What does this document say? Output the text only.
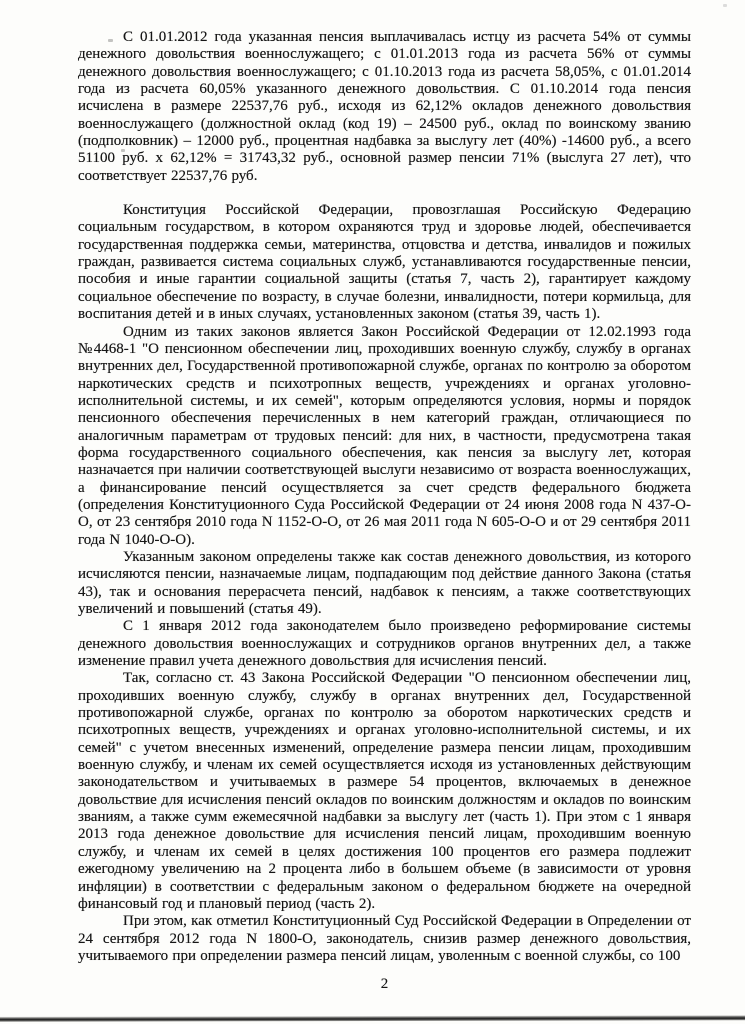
С 01.01.2012 года указанная пенсия выплачивалась истцу из расчета 54% от суммы денежного довольствия военнослужащего; с 01.01.2013 года из расчета 56% от суммы денежного довольствия военнослужащего; с 01.10.2013 года из расчета 58,05%, с 01.01.2014 года из расчета 60,05% указанного денежного довольствия. С 01.10.2014 года пенсия исчислена в размере 22537,76 руб., исходя из 62,12% окладов денежного довольствия военнослужащего (должностной оклад (код 19) – 24500 руб., оклад по воинскому званию (подполковник) – 12000 руб., процентная надбавка за выслугу лет (40%) -14600 руб., а всего 51100 руб. х 62,12% = 31743,32 руб., основной размер пенсии 71% (выслуга 27 лет), что соответствует 22537,76 руб.

Конституция Российской Федерации, провозглашая Российскую Федерацию социальным государством, в котором охраняются труд и здоровье людей, обеспечивается государственная поддержка семьи, материнства, отцовства и детства, инвалидов и пожилых граждан, развивается система социальных служб, устанавливаются государственные пенсии, пособия и иные гарантии социальной защиты (статья 7, часть 2), гарантирует каждому социальное обеспечение по возрасту, в случае болезни, инвалидности, потери кормильца, для воспитания детей и в иных случаях, установленных законом (статья 39, часть 1).

Одним из таких законов является Закон Российской Федерации от 12.02.1993 года №4468-1 "О пенсионном обеспечении лиц, проходивших военную службу, службу в органах внутренних дел, Государственной противопожарной службе, органах по контролю за оборотом наркотических средств и психотропных веществ, учреждениях и органах уголовно-исполнительной системы, и их семей", которым определяются условия, нормы и порядок пенсионного обеспечения перечисленных в нем категорий граждан, отличающиеся по аналогичным параметрам от трудовых пенсий: для них, в частности, предусмотрена такая форма государственного социального обеспечения, как пенсия за выслугу лет, которая назначается при наличии соответствующей выслуги независимо от возраста военнослужащих, а финансирование пенсий осуществляется за счет средств федерального бюджета (определения Конституционного Суда Российской Федерации от 24 июня 2008 года N 437-О-О, от 23 сентября 2010 года N 1152-О-О, от 26 мая 2011 года N 605-О-О и от 29 сентября 2011 года N 1040-О-О).

Указанным законом определены также как состав денежного довольствия, из которого исчисляются пенсии, назначаемые лицам, подпадающим под действие данного Закона (статья 43), так и основания перерасчета пенсий, надбавок к пенсиям, а также соответствующих увеличений и повышений (статья 49).

С 1 января 2012 года законодателем было произведено реформирование системы денежного довольствия военнослужащих и сотрудников органов внутренних дел, а также изменение правил учета денежного довольствия для исчисления пенсий.

Так, согласно ст. 43 Закона Российской Федерации "О пенсионном обеспечении лиц, проходивших военную службу, службу в органах внутренних дел, Государственной противопожарной службе, органах по контролю за оборотом наркотических средств и психотропных веществ, учреждениях и органах уголовно-исполнительной системы, и их семей" с учетом внесенных изменений, определение размера пенсии лицам, проходившим военную службу, и членам их семей осуществляется исходя из установленных действующим законодательством и учитываемых в размере 54 процентов, включаемых в денежное довольствие для исчисления пенсий окладов по воинским должностям и окладов по воинским званиям, а также сумм ежемесячной надбавки за выслугу лет (часть 1). При этом с 1 января 2013 года денежное довольствие для исчисления пенсий лицам, проходившим военную службу, и членам их семей в целях достижения 100 процентов его размера подлежит ежегодному увеличению на 2 процента либо в большем объеме (в зависимости от уровня инфляции) в соответствии с федеральным законом о федеральном бюджете на очередной финансовый год и плановый период (часть 2).

При этом, как отметил Конституционный Суд Российской Федерации в Определении от 24 сентября 2012 года N 1800-О, законодатель, снизив размер денежного довольствия, учитываемого при определении размера пенсий лицам, уволенным с военной службы, со 100

2
